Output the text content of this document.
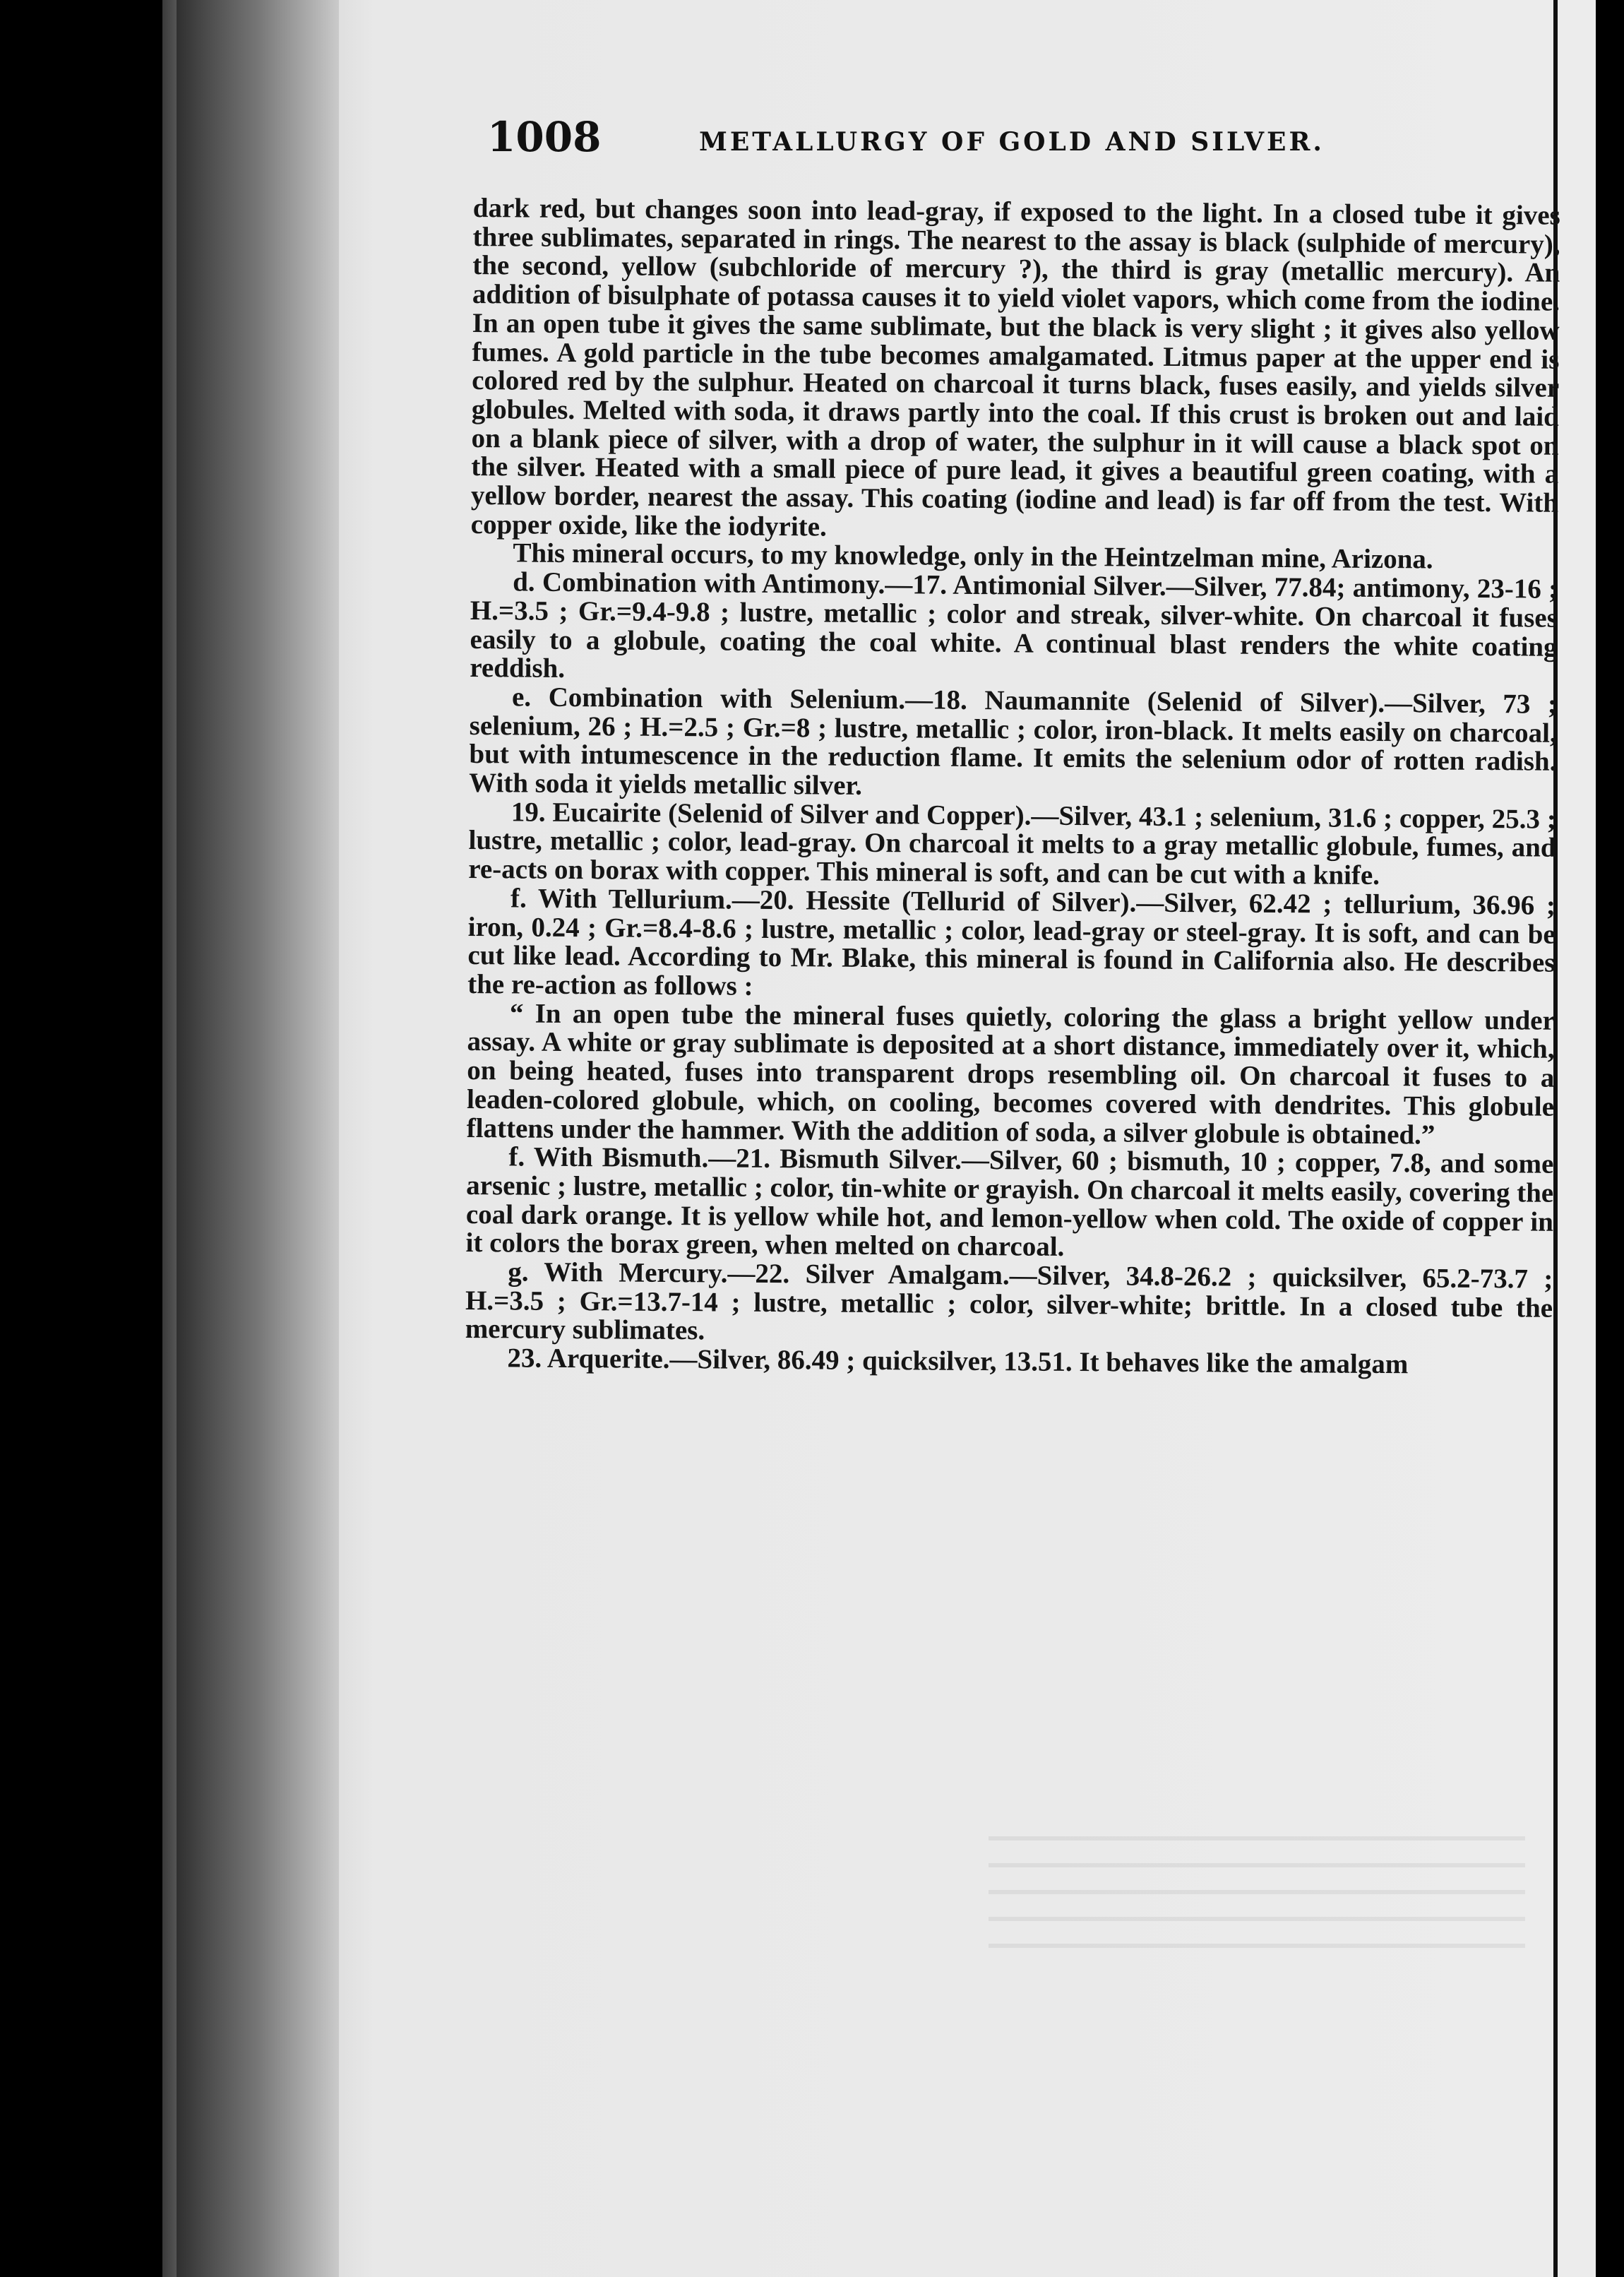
1008	METALLURGY OF GOLD AND SILVER.

dark red, but changes soon into lead-gray, if exposed to the light. In a closed tube it gives three sublimates, separated in rings. The nearest to the assay is black (sulphide of mercury), the second, yellow (subchloride of mercury ?), the third is gray (metallic mercury). An addition of bisulphate of potassa causes it to yield violet vapors, which come from the iodine. In an open tube it gives the same sublimate, but the black is very slight ; it gives also yellow fumes. A gold particle in the tube becomes amalgamated. Litmus paper at the upper end is colored red by the sulphur. Heated on charcoal it turns black, fuses easily, and yields silver globules. Melted with soda, it draws partly into the coal. If this crust is broken out and laid on a blank piece of silver, with a drop of water, the sulphur in it will cause a black spot on the silver. Heated with a small piece of pure lead, it gives a beautiful green coating, with a yellow border, nearest the assay. This coating (iodine and lead) is far off from the test. With copper oxide, like the iodyrite.

This mineral occurs, to my knowledge, only in the Heintzelman mine, Arizona.

d. Combination with Antimony.—17. Antimonial Silver.—Silver, 77.84; antimony, 23-16 ; H.=3.5 ; Gr.=9.4-9.8 ; lustre, metallic ; color and streak, silver-white. On charcoal it fuses easily to a globule, coating the coal white. A continual blast renders the white coating reddish.

e. Combination with Selenium.—18. Naumannite (Selenid of Silver).—Silver, 73 ; selenium, 26 ; H.=2.5 ; Gr.=8 ; lustre, metallic ; color, iron-black. It melts easily on charcoal, but with intumescence in the reduction flame. It emits the selenium odor of rotten radish. With soda it yields metallic silver.

19. Eucairite (Selenid of Silver and Copper).—Silver, 43.1 ; selenium, 31.6 ; copper, 25.3 ; lustre, metallic ; color, lead-gray. On charcoal it melts to a gray metallic globule, fumes, and re-acts on borax with copper. This mineral is soft, and can be cut with a knife.

f. With Tellurium.—20. Hessite (Tellurid of Silver).—Silver, 62.42 ; tellurium, 36.96 ; iron, 0.24 ; Gr.=8.4-8.6 ; lustre, metallic ; color, lead-gray or steel-gray. It is soft, and can be cut like lead. According to Mr. Blake, this mineral is found in California also. He describes the re-action as follows :

“ In an open tube the mineral fuses quietly, coloring the glass a bright yellow under assay. A white or gray sublimate is deposited at a short distance, immediately over it, which, on being heated, fuses into transparent drops resembling oil. On charcoal it fuses to a leaden-colored globule, which, on cooling, becomes covered with dendrites. This globule flattens under the hammer. With the addition of soda, a silver globule is obtained.”

f. With Bismuth.—21. Bismuth Silver.—Silver, 60 ; bismuth, 10 ; copper, 7.8, and some arsenic ; lustre, metallic ; color, tin-white or grayish. On charcoal it melts easily, covering the coal dark orange. It is yellow while hot, and lemon-yellow when cold. The oxide of copper in it colors the borax green, when melted on charcoal.

g. With Mercury.—22. Silver Amalgam.—Silver, 34.8-26.2 ; quicksilver, 65.2-73.7 ; H.=3.5 ; Gr.=13.7-14 ; lustre, metallic ; color, silver-white; brittle. In a closed tube the mercury sublimates.

23. Arquerite.—Silver, 86.49 ; quicksilver, 13.51. It behaves like the amalgam
